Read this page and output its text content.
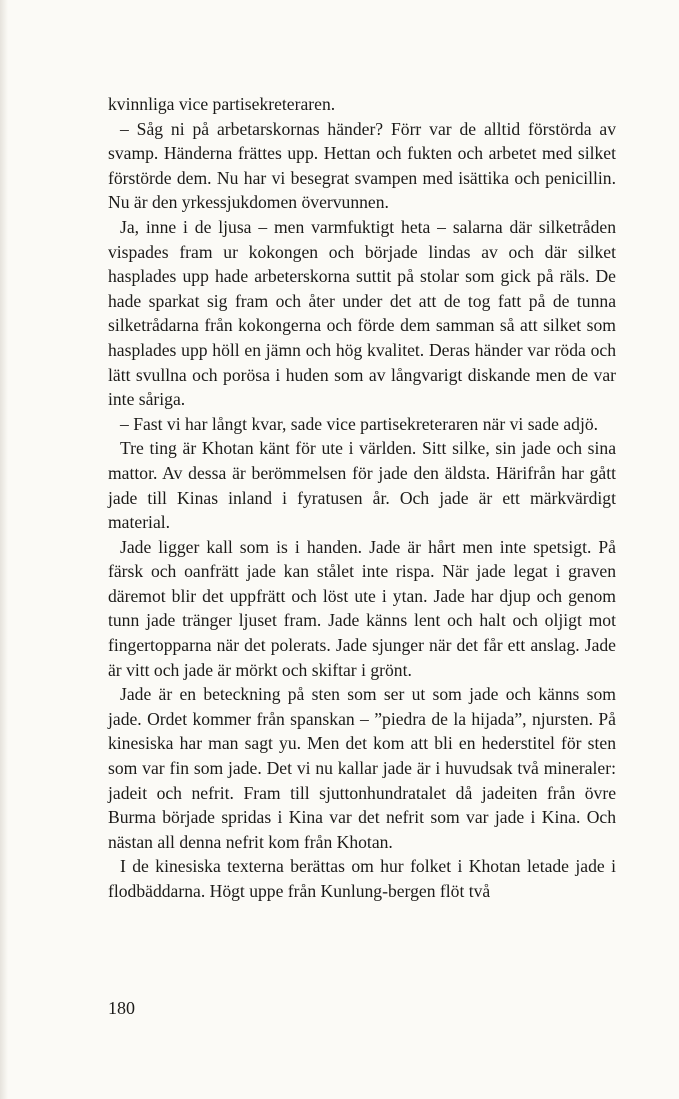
kvinnliga vice partisekreteraren.

– Såg ni på arbetarskornas händer? Förr var de alltid förstörda av svamp. Händerna frättes upp. Hettan och fukten och arbetet med silket förstörde dem. Nu har vi besegrat svampen med isättika och penicillin. Nu är den yrkessjukdomen övervunnen.

Ja, inne i de ljusa – men varmfuktigt heta – salarna där silketråden vispades fram ur kokongen och började lindas av och där silket hasplades upp hade arbeterskorna suttit på stolar som gick på räls. De hade sparkat sig fram och åter under det att de tog fatt på de tunna silketrådarna från kokongerna och förde dem samman så att silket som hasplades upp höll en jämn och hög kvalitet. Deras händer var röda och lätt svullna och porösa i huden som av långvarigt diskande men de var inte såriga.

– Fast vi har långt kvar, sade vice partisekreteraren när vi sade adjö.

Tre ting är Khotan känt för ute i världen. Sitt silke, sin jade och sina mattor. Av dessa är berömmelsen för jade den äldsta. Härifrån har gått jade till Kinas inland i fyratusen år. Och jade är ett märkvärdigt material.

Jade ligger kall som is i handen. Jade är hårt men inte spetsigt. På färsk och oanfrätt jade kan stålet inte rispa. När jade legat i graven däremot blir det uppfrätt och löst ute i ytan. Jade har djup och genom tunn jade tränger ljuset fram. Jade känns lent och halt och oljigt mot fingertopparna när det polerats. Jade sjunger när det får ett anslag. Jade är vitt och jade är mörkt och skiftar i grönt.

Jade är en beteckning på sten som ser ut som jade och känns som jade. Ordet kommer från spanskan – ”piedra de la hijada”, njursten. På kinesiska har man sagt yu. Men det kom att bli en hederstitel för sten som var fin som jade. Det vi nu kallar jade är i huvudsak två mineraler: jadeit och nefrit. Fram till sjuttonhundratalet då jadeiten från övre Burma började spridas i Kina var det nefrit som var jade i Kina. Och nästan all denna nefrit kom från Khotan.

I de kinesiska texterna berättas om hur folket i Khotan letade jade i flodbäddarna. Högt uppe från Kunlung-bergen flöt två

180
